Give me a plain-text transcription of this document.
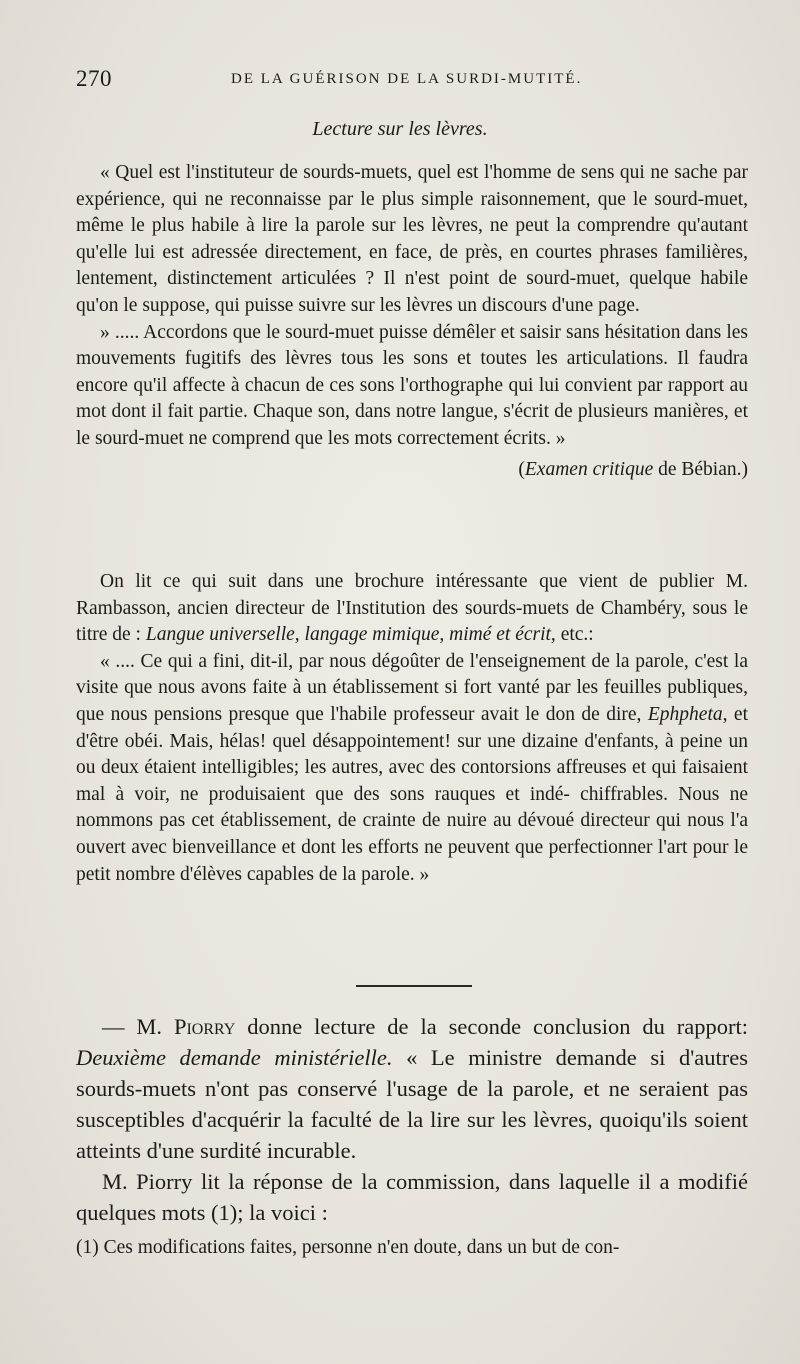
270	DE LA GUÉRISON DE LA SURDI-MUTITÉ.
Lecture sur les lèvres.

« Quel est l'instituteur de sourds-muets, quel est l'homme de sens qui ne sache par expérience, qui ne reconnaisse par le plus simple raisonnement, que le sourd-muet, même le plus habile à lire la parole sur les lèvres, ne peut la comprendre qu'autant qu'elle lui est adressée directement, en face, de près, en courtes phrases familières, lentement, distinctement articulées ? Il n'est point de sourd-muet, quelque habile qu'on le suppose, qui puisse suivre sur les lèvres un discours d'une page.

» ..... Accordons que le sourd-muet puisse démêler et saisir sans hésitation dans les mouvements fugitifs des lèvres tous les sons et toutes les articulations. Il faudra encore qu'il affecte à chacun de ces sons l'orthographe qui lui convient par rapport au mot dont il fait partie. Chaque son, dans notre langue, s'écrit de plusieurs manières, et le sourd-muet ne comprend que les mots correctement écrits. »

(Examen critique de Bébian.)

On lit ce qui suit dans une brochure intéressante que vient de publier M. Rambasson, ancien directeur de l'Institution des sourds-muets de Chambéry, sous le titre de : Langue universelle, langage mimique, mimé et écrit, etc.:

« .... Ce qui a fini, dit-il, par nous dégoûter de l'enseignement de la parole, c'est la visite que nous avons faite à un établissement si fort vanté par les feuilles publiques, que nous pensions presque que l'habile professeur avait le don de dire, Ephpheta, et d'être obéi. Mais, hélas! quel désappointement! sur une dizaine d'enfants, à peine un ou deux étaient intelligibles; les autres, avec des contorsions affreuses et qui faisaient mal à voir, ne produisaient que des sons rauques et indé- chiffrables. Nous ne nommons pas cet établissement, de crainte de nuire au dévoué directeur qui nous l'a ouvert avec bienveillance et dont les efforts ne peuvent que perfectionner l'art pour le petit nombre d'élèves capables de la parole. »

— M. Piorry donne lecture de la seconde conclusion du rapport: Deuxième demande ministérielle. « Le ministre demande si d'autres sourds-muets n'ont pas conservé l'usage de la parole, et ne seraient pas susceptibles d'acquérir la faculté de la lire sur les lèvres, quoiqu'ils soient atteints d'une surdité incurable.

M. Piorry lit la réponse de la commission, dans laquelle il a modifié quelques mots (1); la voici :

(1) Ces modifications faites, personne n'en doute, dans un but de con-
